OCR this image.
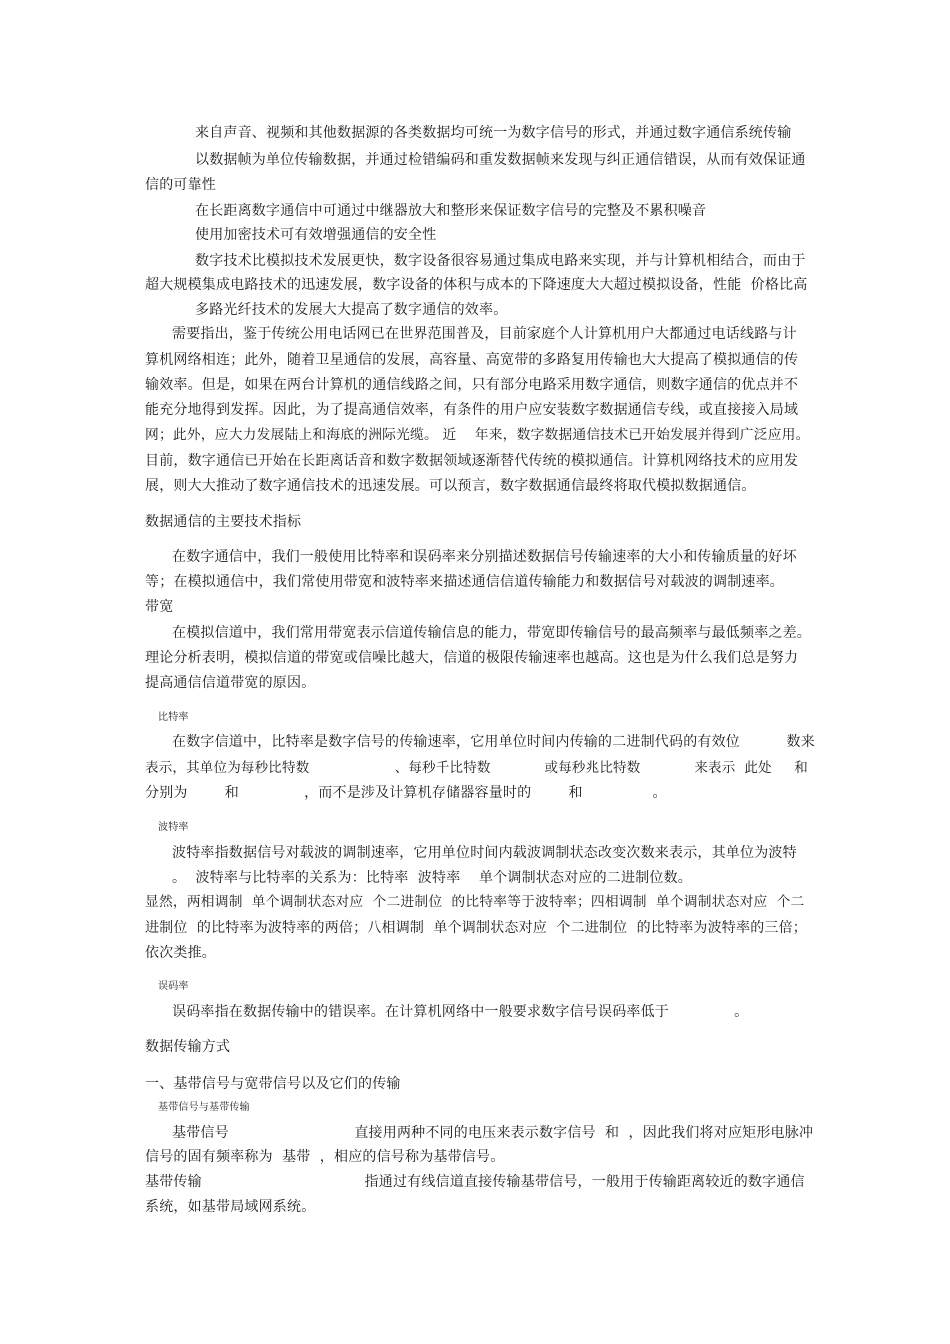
来自声音、视频和其他数据源的各类数据均可统一为数字信号的形式，并通过数字通信系统传输
以数据帧为单位传输数据，并通过检错编码和重发数据帧来发现与纠正通信错误，从而有效保证通
信的可靠性
在长距离数字通信中可通过中继器放大和整形来保证数字信号的完整及不累积噪音
使用加密技术可有效增强通信的安全性
数字技术比模拟技术发展更快，数字设备很容易通过集成电路来实现，并与计算机相结合，而由于
超大规模集成电路技术的迅速发展，数字设备的体积与成本的下降速度大大超过模拟设备，性能  价格比高
多路光纤技术的发展大大提高了数字通信的效率。
需要指出，鉴于传统公用电话网已在世界范围普及，目前家庭个人计算机用户大都通过电话线路与计
算机网络相连；此外，随着卫星通信的发展，高容量、高宽带的多路复用传输也大大提高了模拟通信的传
输效率。但是，如果在两台计算机的通信线路之间，只有部分电路采用数字通信，则数字通信的优点并不
能充分地得到发挥。因此，为了提高通信效率，有条件的用户应安装数字数据通信专线，或直接接入局域
网；此外，应大力发展陆上和海底的洲际光缆。 近    年来，数字数据通信技术已开始发展并得到广泛应用。
目前，数字通信已开始在长距离话音和数字数据领域逐渐替代传统的模拟通信。计算机网络技术的应用发
展，则大大推动了数字通信技术的迅速发展。可以预言，数字数据通信最终将取代模拟数据通信。
数据通信的主要技术指标
在数字通信中，我们一般使用比特率和误码率来分别描述数据信号传输速率的大小和传输质量的好坏
等；在模拟通信中，我们常使用带宽和波特率来描述通信信道传输能力和数据信号对载波的调制速率。
带宽
在模拟信道中，我们常用带宽表示信道传输信息的能力，带宽即传输信号的最高频率与最低频率之差。
理论分析表明，模拟信道的带宽或信噪比越大，信道的极限传输速率也越高。这也是为什么我们总是努力
提高通信信道带宽的原因。
比特率
在数字信道中，比特率是数字信号的传输速率，它用单位时间内传输的二进制代码的有效位          数来
表示，其单位为每秒比特数                   、每秒千比特数            或每秒兆比特数            来表示  此处     和
分别为        和              ，而不是涉及计算机存储器容量时的        和               。
波特率
波特率指数据信号对载波的调制速率，它用单位时间内载波调制状态改变次数来表示，其单位为波特
。  波特率与比特率的关系为：比特率  波特率    单个调制状态对应的二进制位数。
显然，两相调制  单个调制状态对应  个二进制位  的比特率等于波特率；四相调制  单个调制状态对应  个二
进制位  的比特率为波特率的两倍；八相调制  单个调制状态对应  个二进制位  的比特率为波特率的三倍；
依次类推。
误码率
误码率指在数据传输中的错误率。在计算机网络中一般要求数字信号误码率低于              。
数据传输方式
一、基带信号与宽带信号以及它们的传输
基带信号与基带传输
基带信号                           直接用两种不同的电压来表示数字信号  和  ，因此我们将对应矩形电脉冲
信号的固有频率称为  基带  ，相应的信号称为基带信号。
基带传输                                   指通过有线信道直接传输基带信号，一般用于传输距离较近的数字通信
系统，如基带局域网系统。
